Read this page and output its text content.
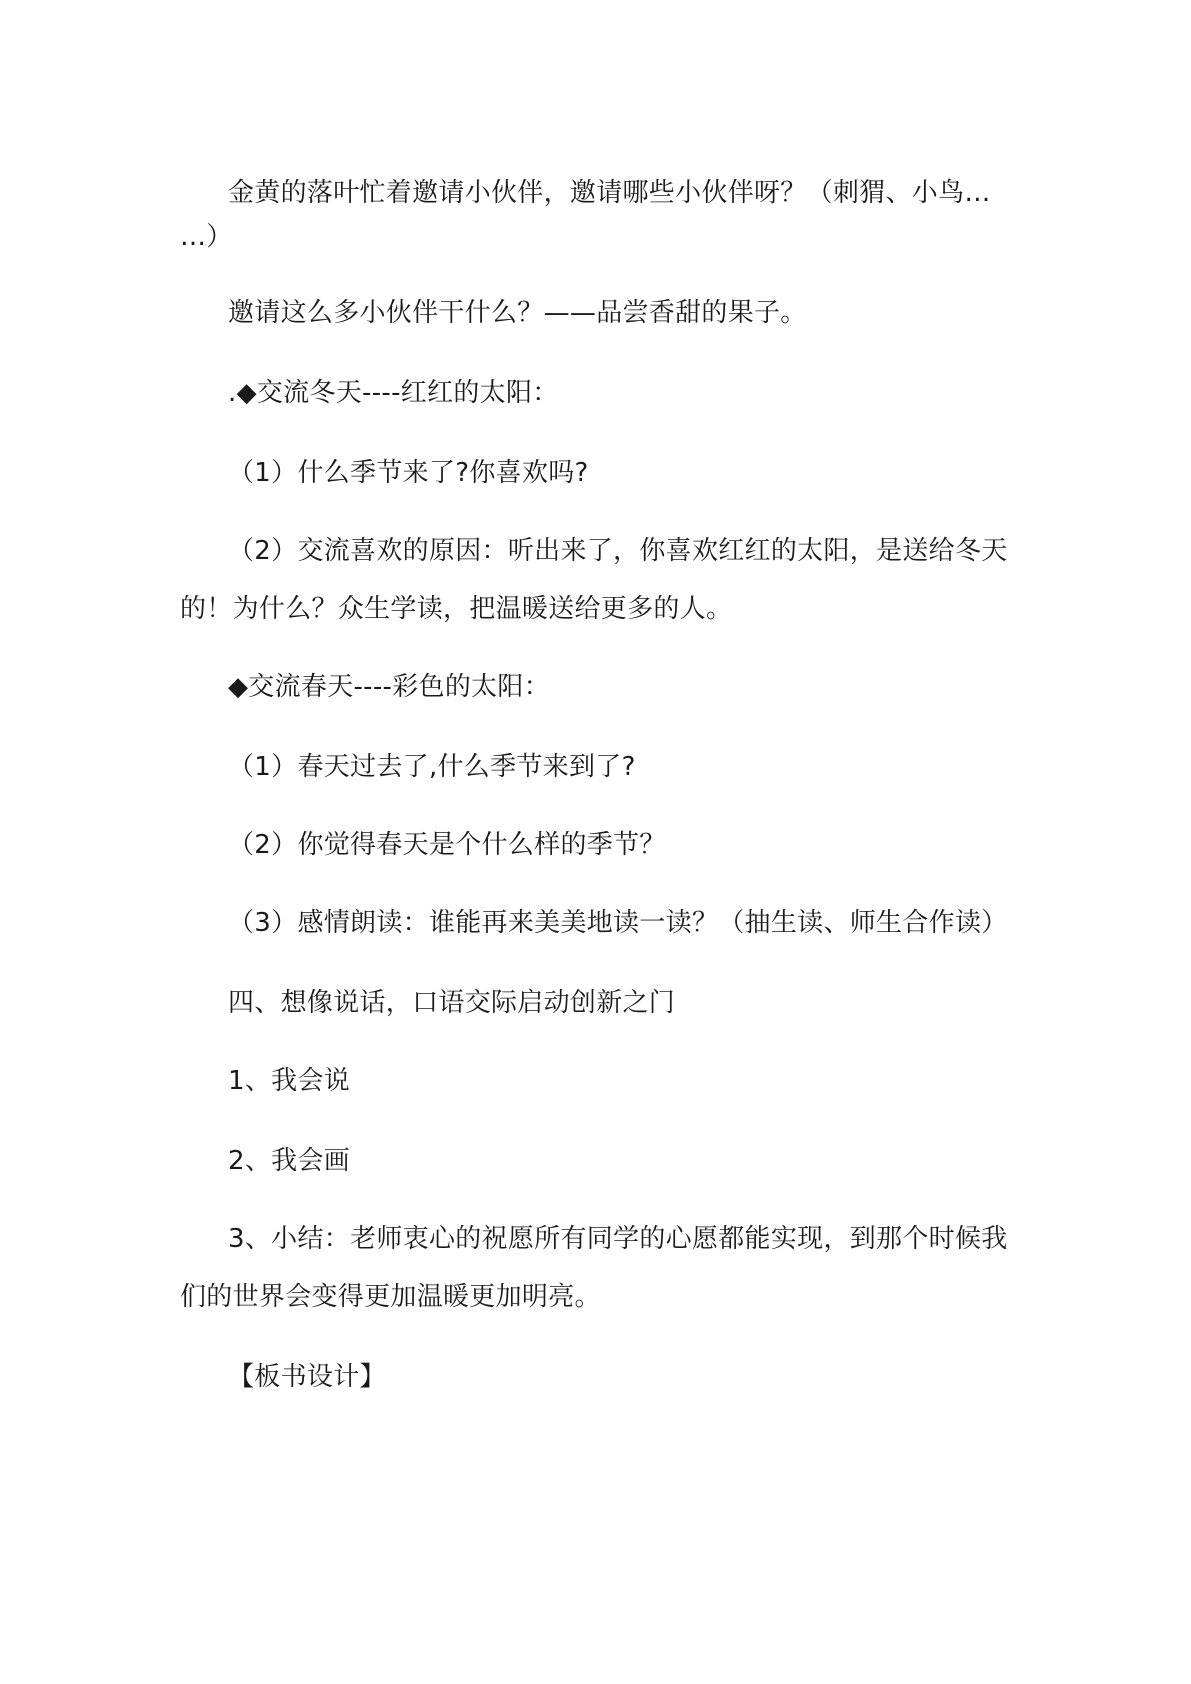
金黄的落叶忙着邀请小伙伴，邀请哪些小伙伴呀？（刺猬、小鸟…
…）
邀请这么多小伙伴干什么？——品尝香甜的果子。
.◆交流冬天----红红的太阳：
（1）什么季节来了?你喜欢吗?
（2）交流喜欢的原因：听出来了，你喜欢红红的太阳，是送给冬天
的！为什么？众生学读，把温暖送给更多的人。
◆交流春天----彩色的太阳：
（1）春天过去了,什么季节来到了?
（2）你觉得春天是个什么样的季节？
（3）感情朗读：谁能再来美美地读一读？（抽生读、师生合作读）
四、想像说话，口语交际启动创新之门
1、我会说
2、我会画
3、小结：老师衷心的祝愿所有同学的心愿都能实现，到那个时候我
们的世界会变得更加温暖更加明亮。
【板书设计】
